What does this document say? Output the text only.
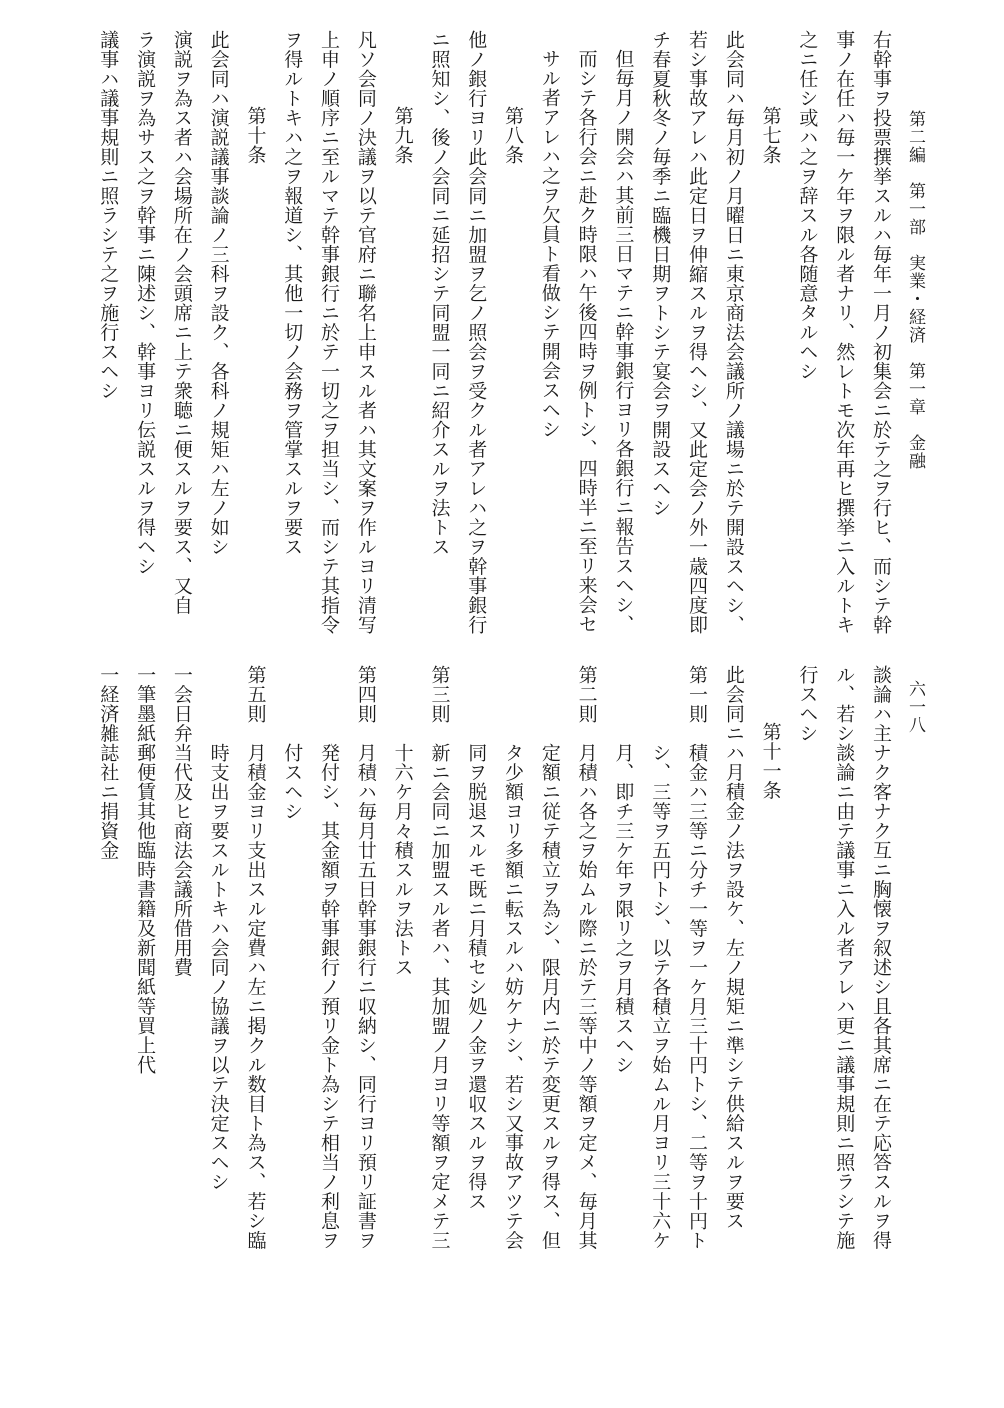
第二編　第一部　実業・経済　第一章　金融
六一八
右幹事ヲ投票撰挙スルハ毎年一月ノ初集会ニ於テ之ヲ行ヒ、而シテ幹
事ノ在任ハ毎一ケ年ヲ限ル者ナリ、然レトモ次年再ヒ撰挙ニ入ルトキ
之ニ任シ或ハ之ヲ辞スル各随意タルヘシ
第七条
此会同ハ毎月初ノ月曜日ニ東京商法会議所ノ議場ニ於テ開設スヘシ、
若シ事故アレハ此定日ヲ伸縮スルヲ得ヘシ、又此定会ノ外一歳四度即
チ春夏秋冬ノ毎季ニ臨機日期ヲトシテ宴会ヲ開設スヘシ
但毎月ノ開会ハ其前三日マテニ幹事銀行ヨリ各銀行ニ報告スヘシ、
而シテ各行会ニ赴ク時限ハ午後四時ヲ例トシ、四時半ニ至リ来会セ
サル者アレハ之ヲ欠員ト看做シテ開会スヘシ
第八条
他ノ銀行ヨリ此会同ニ加盟ヲ乞ノ照会ヲ受クル者アレハ之ヲ幹事銀行
ニ照知シ、後ノ会同ニ延招シテ同盟一同ニ紹介スルヲ法トス
第九条
凡ソ会同ノ決議ヲ以テ官府ニ聯名上申スル者ハ其文案ヲ作ルヨリ清写
上申ノ順序ニ至ルマテ幹事銀行ニ於テ一切之ヲ担当シ、而シテ其指令
ヲ得ルトキハ之ヲ報道シ、其他一切ノ会務ヲ管掌スルヲ要ス
第十条
此会同ハ演説議事談論ノ三科ヲ設ク、各科ノ規矩ハ左ノ如シ
演説ヲ為ス者ハ会場所在ノ会頭席ニ上テ衆聴ニ便スルヲ要ス、又自
ラ演説ヲ為サス之ヲ幹事ニ陳述シ、幹事ヨリ伝説スルヲ得ヘシ
議事ハ議事規則ニ照ラシテ之ヲ施行スヘシ
談論ハ主ナク客ナク互ニ胸懐ヲ叙述シ且各其席ニ在テ応答スルヲ得
ル、若シ談論ニ由テ議事ニ入ル者アレハ更ニ議事規則ニ照ラシテ施
行スヘシ
第十一条
此会同ニハ月積金ノ法ヲ設ケ、左ノ規矩ニ準シテ供給スルヲ要ス
第一則　積金ハ三等ニ分チ一等ヲ一ケ月三十円トシ、二等ヲ十円ト
　　　　シ、三等ヲ五円トシ、以テ各積立ヲ始ムル月ヨリ三十六ケ
　　　　月、即チ三ケ年ヲ限リ之ヲ月積スヘシ
第二則　月積ハ各之ヲ始ムル際ニ於テ三等中ノ等額ヲ定メ、毎月其
　　　　定額ニ従テ積立ヲ為シ、限月内ニ於テ変更スルヲ得ス、但
　　　　タ少額ヨリ多額ニ転スルハ妨ケナシ、若シ又事故アツテ会
　　　　同ヲ脱退スルモ既ニ月積セシ処ノ金ヲ還収スルヲ得ス
第三則　新ニ会同ニ加盟スル者ハ、其加盟ノ月ヨリ等額ヲ定メテ三
　　　　十六ケ月々積スルヲ法トス
第四則　月積ハ毎月廿五日幹事銀行ニ収納シ、同行ヨリ預リ証書ヲ
　　　　発付シ、其金額ヲ幹事銀行ノ預リ金ト為シテ相当ノ利息ヲ
　　　　付スヘシ
第五則　月積金ヨリ支出スル定費ハ左ニ掲クル数目ト為ス、若シ臨
　　　　時支出ヲ要スルトキハ会同ノ協議ヲ以テ決定スヘシ
一会日弁当代及ヒ商法会議所借用費
一筆墨紙郵便賃其他臨時書籍及新聞紙等買上代
一経済雑誌社ニ捐資金
